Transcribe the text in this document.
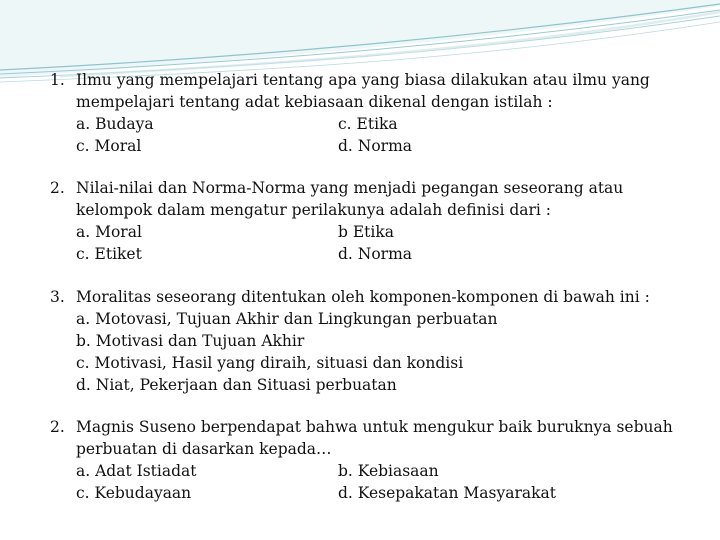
1. Ilmu yang mempelajari tentang apa yang biasa dilakukan atau ilmu yang
mempelajari tentang adat kebiasaan dikenal dengan istilah :
a. Budaya	c. Etika
c. Moral	d. Norma
2. Nilai-nilai dan Norma-Norma yang menjadi pegangan seseorang atau
kelompok dalam mengatur perilakunya adalah definisi dari :
a. Moral	b Etika
c. Etiket	d. Norma
3. Moralitas seseorang ditentukan oleh komponen-komponen di bawah ini :
a. Motovasi, Tujuan Akhir dan Lingkungan perbuatan
b. Motivasi dan Tujuan Akhir
c. Motivasi, Hasil yang diraih, situasi dan kondisi
d. Niat, Pekerjaan dan Situasi perbuatan
2. Magnis Suseno berpendapat bahwa untuk mengukur baik buruknya sebuah
perbuatan di dasarkan kepada…
a. Adat Istiadat	b. Kebiasaan
c. Kebudayaan	d. Kesepakatan Masyarakat
